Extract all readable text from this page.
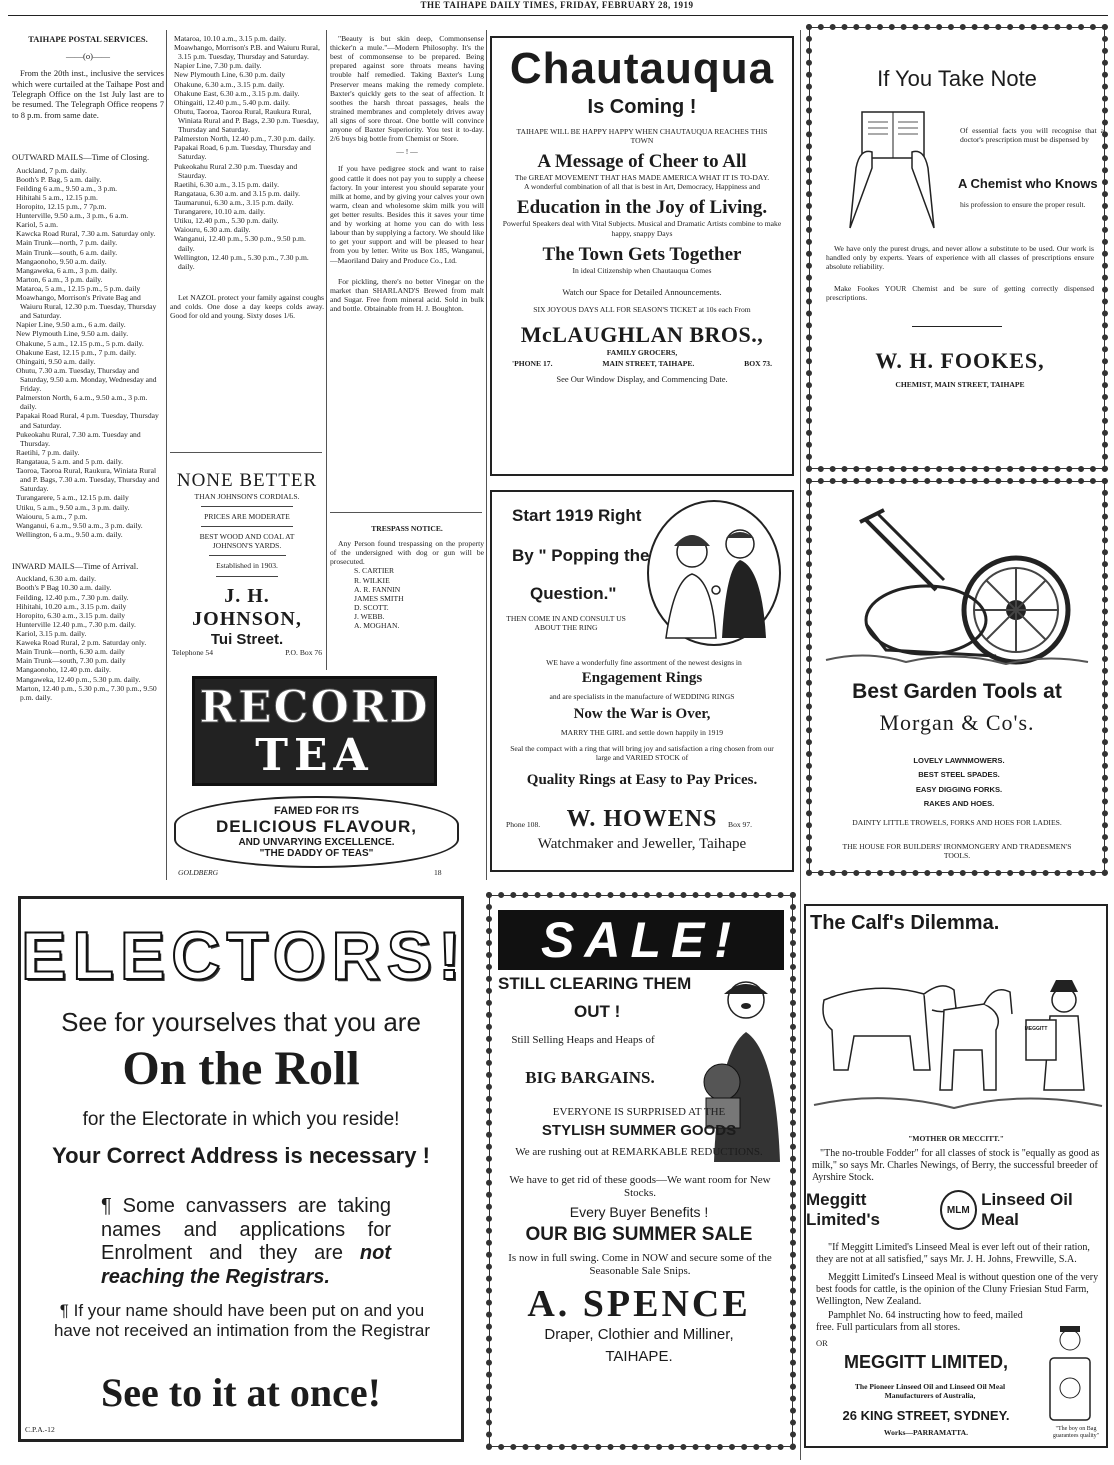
THE TAIHAPE DAILY TIMES, FRIDAY, FEBRUARY 28, 1919
TAIHAPE POSTAL SERVICES.
——(o)——
From the 20th inst., inclusive the services which were curtailed at the Taihape Post and Telegraph Office on the 1st July last are to be resumed. The Telegraph Office reopens 7 to 8 p.m. from same date.
OUTWARD MAILS—Time of Closing.
Auckland, 7 p.m. daily.
Booth's P. Bag, 5 a.m. daily.
Feilding 6 a.m., 9.50 a.m., 3 p.m.
Hihitahi 5 a.m., 12.15 p.m.
Horopito, 12.15 p.m., 7 7p.m.
Hunterville, 9.50 a.m., 3 p.m., 6 a.m.
Kariol, 5 a.m.
Kawcka Road Rural, 7.30 a.m. Saturday only.
Main Trunk—north, 7 p.m. daily.
Main Trunk—south, 6 a.m. daily.
Mangaonoho, 9.50 a.m. daily.
Mangaweka, 6 a.m., 3 p.m. daily.
Marton, 6 a.m., 3 p.m. daily.
Mataroa, 5 a.m., 12.15 p.m., 5 p.m. daily
Moawhango, Morrison's Private Bag and Waiuru Rural, 12.30 p.m. Tuesday, Thursday and Saturday.
Napier Line, 9.50 a.m., 6 a.m. daily.
New Plymouth Line, 9.50 a.m. daily.
Ohakune, 5 a.m., 12.15 p.m., 5 p.m. daily.
Ohakune East, 12.15 p.m., 7 p.m. daily.
Ohingaiti, 9.50 a.m. daily.
Ohutu, 7.30 a.m. Tuesday, Thursday and Saturday, 9.50 a.m. Monday, Wednesday and Friday.
Palmerston North, 6 a.m., 9.50 a.m., 3 p.m. daily.
Papakai Road Rural, 4 p.m. Tuesday, Thursday and Saturday.
Pukeokahu Rural, 7.30 a.m. Tuesday and Thursday.
Raetihi, 7 p.m. daily.
Rangataua, 5 a.m. and 5 p.m. daily.
Taoroa, Taoroa Rural, Raukura, Winiata Rural and P. Bags, 7.30 a.m. Tuesday, Thursday and Saturday.
Turangarere, 5 a.m., 12.15 p.m. daily
Utiku, 5 a.m., 9.50 a.m., 3 p.m. daily.
Waiouru, 5 a.m., 7 p.m.
Wanganui, 6 a.m., 9.50 a.m., 3 p.m. daily.
Wellington, 6 a.m., 9.50 a.m. daily.
INWARD MAILS—Time of Arrival.
Auckland, 6.30 a.m. daily.
Booth's P Bag 10.30 a.m. daily.
Feilding, 12.40 p.m., 7.30 p.m. daily.
Hihitahi, 10.20 a.m., 3.15 p.m. daily
Horopito, 6.30 a.m., 3.15 p.m. daily
Hunterville 12.40 p.m., 7.30 p.m. daily.
Kariol, 3.15 p.m. daily.
Kaweka Road Rural, 2 p.m. Saturday only.
Main Trunk—north, 6.30 a.m. daily
Main Trunk—south, 7.30 p.m. daily
Mangaonoho, 12.40 p.m. daily.
Mangaweka, 12.40 p.m., 5.30 p.m. daily.
Marton, 12.40 p.m., 5.30 p.m., 7.30 p.m., 9.50 p.m. daily.
Mataroa, 10.10 a.m., 3.15 p.m. daily.
Moawhango, Morrison's P.B. and Waiuru Rural, 3.15 p.m. Tuesday, Thursday and Saturday.
Napier Line, 7.30 p.m. daily.
New Plymouth Line, 6.30 p.m. daily
Ohakune, 6.30 a.m., 3.15 p.m. daily.
Ohakune East, 6.30 a.m., 3.15 p.m. daily.
Ohingaiti, 12.40 p.m., 5.40 p.m. daily.
Ohutu, Taoroa, Taoroa Rural, Raukura Rural, Winiata Rural and P. Bags, 2.30 p.m. Tuesday, Thursday and Saturday.
Palmerston North, 12.40 p.m., 7.30 p.m. daily.
Papakai Road, 6 p.m. Tuesday, Thursday and Saturday.
Pukeokahu Rural 2.30 p.m. Tuesday and Staurday.
Raetihi, 6.30 a.m., 3.15 p.m. daily.
Rangataua, 6.30 a.m. and 3.15 p.m. daily.
Taumarunui, 6.30 a.m., 3.15 p.m. daily.
Turangarere, 10.10 a.m. daily.
Utiku, 12.40 p.m., 5.30 p.m. daily.
Waiouru, 6.30 a.m. daily.
Wanganui, 12.40 p.m., 5.30 p.m., 9.50 p.m. daily.
Wellington, 12.40 p.m., 5.30 p.m., 7.30 p.m. daily.
Let NAZOL protect your family against coughs and colds. One dose a day keeps colds away. Good for old and young. Sixty doses 1/6.
NONE BETTER
THAN JOHNSON'S CORDIALS.
PRICES ARE MODERATE
BEST WOOD AND COAL AT JOHNSON'S YARDS.
Established in 1903.
J. H. JOHNSON,
Tui Street.
Telephone 54	P.O. Box 76
"Beauty is but skin deep, Commonsense thicker'n a mule."—Modern Philosophy. It's the best of commonsense to be prepared. Being prepared against sore throats means having trouble half remedied. Taking Baxter's Lung Preserver means making the remedy complete. Baxter's quickly gets to the seat of affection. It soothes the harsh throat passages, heals the strained membranes and completely drives away all signs of sore throat. One bottle will convince anyone of Baxter Superiority. You test it to-day. 2/6 buys big bottle from Chemist or Store.
— ! —
If you have pedigree stock and want to raise good cattle it does not pay you to supply a cheese factory. In your interest you should separate your milk at home, and by giving your calves your own warm, clean and wholesome skim milk you will get better results. Besides this it saves your time and by working at home you can do with less labour than by supplying a factory. We should like to get your support and will be pleased to hear from you by letter. Write us Box 185, Wanganui, —Maoriland Dairy and Produce Co., Ltd.
For pickling, there's no better Vinegar on the market than SHARLAND'S Brewed from malt and Sugar. Free from mineral acid. Sold in bulk and bottle. Obtainable from H. J. Boughton.
TRESPASS NOTICE.
Any Person found trespassing on the property of the undersigned with dog or gun will be prosecuted.
S. CARTIER
R. WILKIE
A. R. FANNIN
JAMES SMITH
D. SCOTT.
J. WEBB.
A. MOGHAN.
RECORD
TEA
FAMED FOR ITS
DELICIOUS FLAVOUR,
AND UNVARYING EXCELLENCE.
"THE DADDY OF TEAS"
GOLDBERG	18
Chautauqua
Is Coming !
TAIHAPE WILL BE HAPPY HAPPY WHEN CHAUTAUQUA REACHES THIS TOWN
A Message of Cheer to All
The GREAT MOVEMENT THAT HAS MADE AMERICA WHAT IT IS TO-DAY.
A wonderful combination of all that is best in Art, Democracy, Happiness and
Education in the Joy of Living.
Powerful Speakers deal with Vital Subjects. Musical and Dramatic Artists combine to make happy, snappy Days
The Town Gets Together
In ideal Citizenship when Chautauqua Comes
Watch our Space for Detailed Announcements.
SIX JOYOUS DAYS ALL FOR SEASON'S TICKET at 10s each From
McLAUGHLAN BROS.,
FAMILY GROCERS,
'PHONE 17.	MAIN STREET, TAIHAPE.	BOX 73.
See Our Window Display, and Commencing Date.
If You Take Note
Of essential facts you will recognise that a doctor's prescription must be dispensed by
A Chemist who Knows
his profession to ensure the proper result.
We have only the purest drugs, and never allow a substitute to be used. Our work is handled only by experts. Years of experience with all classes of prescriptions ensure absolute reliability.
Make Fookes YOUR Chemist and be sure of getting correctly dispensed prescriptions.
W. H. FOOKES,
CHEMIST, MAIN STREET, TAIHAPE
Start 1919 Right
By " Popping the
Question."
THEN COME IN AND CONSULT US ABOUT THE RING
WE have a wonderfully fine assortment of the newest designs in
Engagement Rings
and are specialists in the manufacture of WEDDING RINGS
Now the War is Over,
MARRY THE GIRL and settle down happily in 1919
Seal the compact with a ring that will bring joy and satisfaction a ring chosen from our large and VARIED STOCK of
Quality Rings at Easy to Pay Prices.
Phone 108. W. HOWENS	Box 97.
Watchmaker and Jeweller, Taihape
Best Garden Tools at
Morgan & Co's.
LOVELY LAWNMOWERS.
BEST STEEL SPADES.
EASY DIGGING FORKS.
RAKES AND HOES.
DAINTY LITTLE TROWELS, FORKS AND HOES FOR LADIES.
THE HOUSE FOR BUILDERS' IRONMONGERY AND TRADESMEN'S TOOLS.
ELECTORS!
See for yourselves that you are
On the Roll
for the Electorate in which you reside!
Your Correct Address is necessary !
¶ Some canvassers are taking names and applications for Enrolment and they are not reaching the Registrars.
¶ If your name should have been put on and you have not received an intimation from the Registrar
See to it at once!
C.P.A.-12
SALE!
STILL CLEARING THEM
OUT !
Still Selling Heaps and Heaps of
BIG BARGAINS.
EVERYONE IS SURPRISED AT THE
STYLISH SUMMER GOODS
We are rushing out at REMARKABLE REDUCTIONS.
We have to get rid of these goods—We want room for New Stocks.
Every Buyer Benefits !
OUR BIG SUMMER SALE
Is now in full swing. Come in NOW and secure some of the Seasonable Sale Snips.
A. SPENCE
Draper, Clothier and Milliner,
TAIHAPE.
The Calf's Dilemma.
MEGGITT
"MOTHER OR MECCITT."
"The no-trouble Fodder" for all classes of stock is "equally as good as milk," so says Mr. Charles Newings, of Berry, the successful breeder of Ayrshire Stock.
Meggitt Limited's	MLM
Linseed Oil Meal
"If Meggitt Limited's Linseed Meal is ever left out of their ration, they are not at all satisfied," says Mr. J. H. Johns, Frewville, S.A.
Meggitt Limited's Linseed Meal is without question one of the very best foods for cattle, is the opinion of the Cluny Friesian Stud Farm, Wellington, New Zealand.
Pamphlet No. 64 instructing how to feed, mailed free. Full particulars from all stores.
OR
MEGGITT LIMITED,
The Pioneer Linseed Oil and Linseed Oil Meal Manufacturers of Australia,
26 KING STREET, SYDNEY.
Works—PARRAMATTA.	"The boy on Bag guarantees quality"
